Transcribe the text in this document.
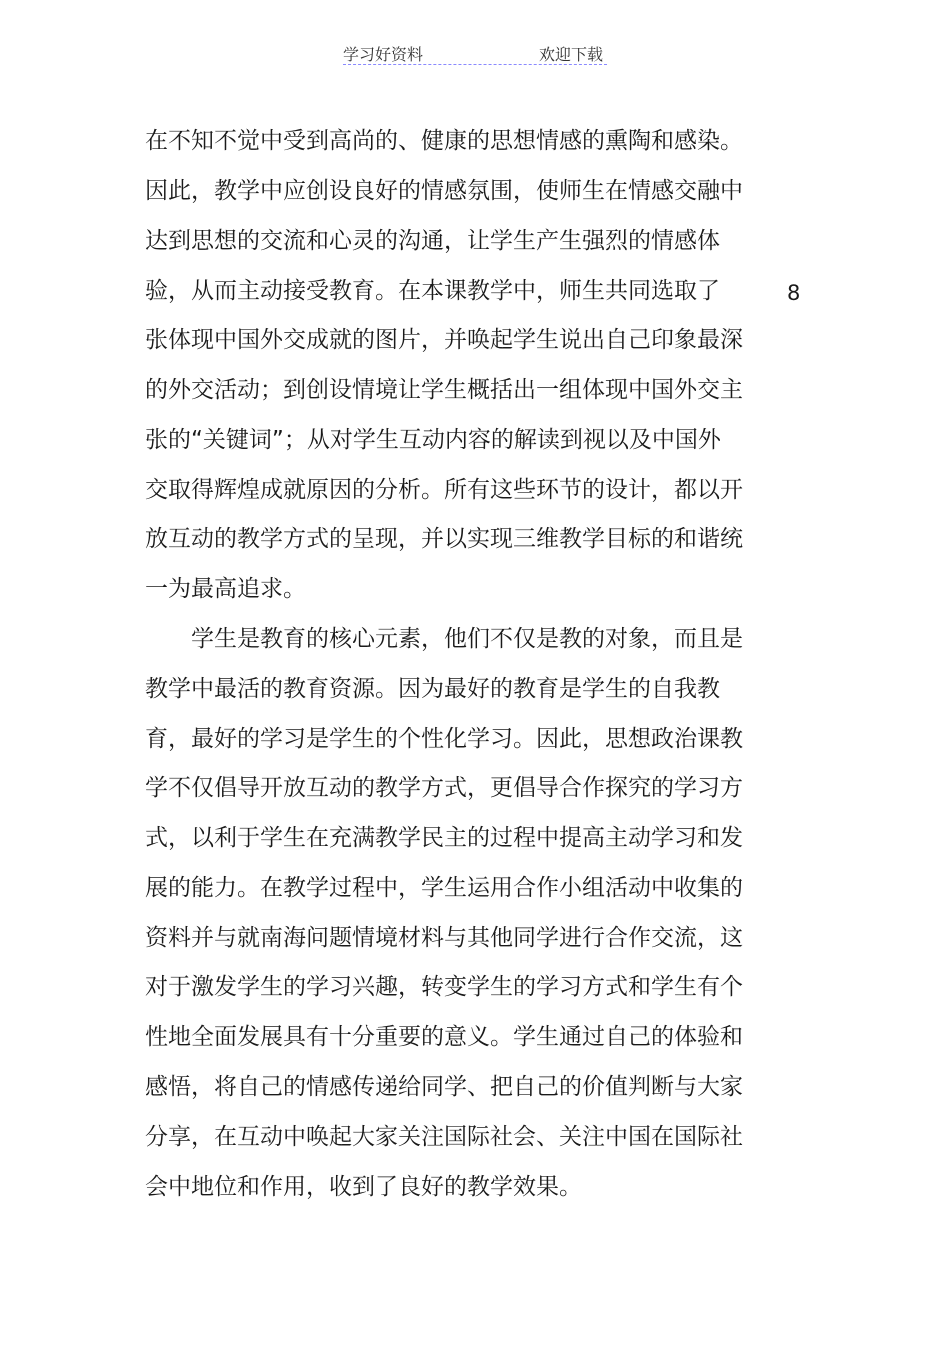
学习好资料	欢迎下载
8
在不知不觉中受到高尚的、健康的思想情感的熏陶和感染。
因此，教学中应创设良好的情感氛围，使师生在情感交融中
达到思想的交流和心灵的沟通，让学生产生强烈的情感体
验，从而主动接受教育。在本课教学中，师生共同选取了
张体现中国外交成就的图片，并唤起学生说出自己印象最深
的外交活动；到创设情境让学生概括出一组体现中国外交主
张的“关键词”；从对学生互动内容的解读到视以及中国外
交取得辉煌成就原因的分析。所有这些环节的设计，都以开
放互动的教学方式的呈现，并以实现三维教学目标的和谐统
一为最高追求。
学生是教育的核心元素，他们不仅是教的对象，而且是
教学中最活的教育资源。因为最好的教育是学生的自我教
育，最好的学习是学生的个性化学习。因此，思想政治课教
学不仅倡导开放互动的教学方式，更倡导合作探究的学习方
式，以利于学生在充满教学民主的过程中提高主动学习和发
展的能力。在教学过程中，学生运用合作小组活动中收集的
资料并与就南海问题情境材料与其他同学进行合作交流，这
对于激发学生的学习兴趣，转变学生的学习方式和学生有个
性地全面发展具有十分重要的意义。学生通过自己的体验和
感悟，将自己的情感传递给同学、把自己的价值判断与大家
分享，在互动中唤起大家关注国际社会、关注中国在国际社
会中地位和作用，收到了良好的教学效果。
